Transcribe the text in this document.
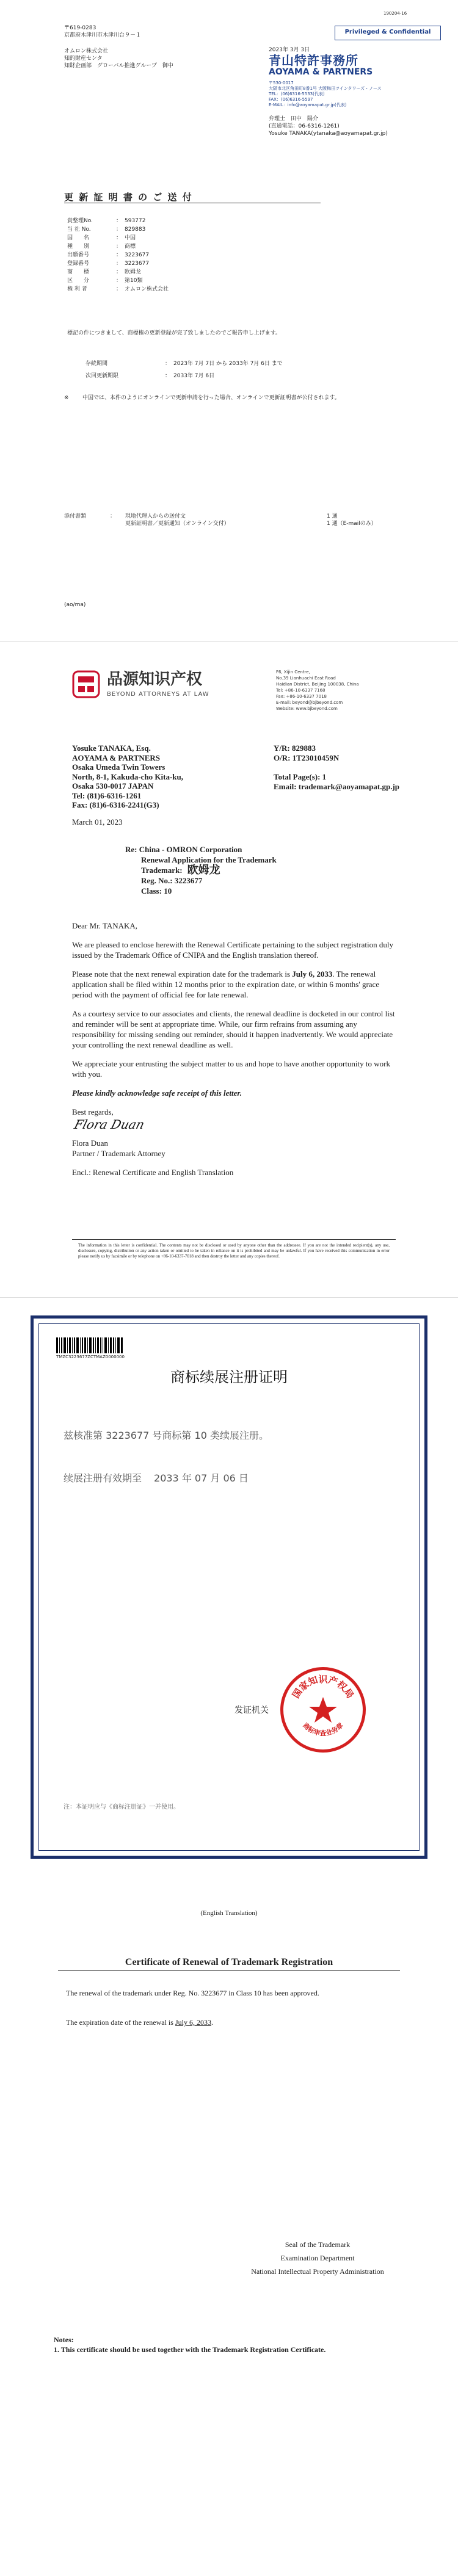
190204-16
Privileged & Confidential
〒619-0283
京都府木津川市木津川台９－１
オムロン株式会社
知的財産センタ
知財企画部　グローバル推進グループ　御中
2023年 3月 3日
青山特許事務所
AOYAMA & PARTNERS
〒530-0017
大阪市北区角田町8番1号 大阪梅田ツインタワーズ・ノース
TEL：(06)6316-5533(代表)
FAX：(06)6316-5597
E-MAIL：info@aoyamapat.gr.jp(代表)
弁理士　田中　陽介
(直通電話：06-6316-1261)
Yosuke TANAKA(ytanaka@aoyamapat.gr.jp)
更 新 証 明 書 の ご 送 付
貴整理No.	： 593772
当 社 No.	： 829883
国　　名	： 中国
種　　別	： 商標
出願番号	： 3223677
登録番号	： 3223677
商　　標	： 欧姆龙
区　　分	： 第10類
権 利 者	： オムロン株式会社
標記の件につきまして、商標権の更新登録が完了致しましたのでご報告申し上げます。
存続期間	： 2023年 7月 7日 から 2033年 7月 6日 まで
次回更新期限	： 2033年 7月 6日
※	中国では、本件のようにオンラインで更新申請を行った場合、オンラインで更新証明書が公付されます。
添付書類	： 現地代理人からの送付文	1 通
更新証明書／更新通知（オンライン交付）	1 通（E-mailのみ）
(ao/ma)
品源知识产权
BEYOND ATTORNEYS AT LAW
F6, Xijin Centre,
No.39 Lianhuachi East Road
Haidian District, Beijing 100038, China
Tel: +86-10-6337 7168
Fax: +86-10-6337 7018
E-mail: beyond@bjbeyond.com
Website: www.bjbeyond.com
Yosuke TANAKA, Esq.
AOYAMA & PARTNERS
Osaka Umeda Twin Towers
North, 8-1, Kakuda-cho Kita-ku,
Osaka 530-0017 JAPAN
Tel: (81)6-6316-1261
Fax: (81)6-6316-2241(G3)
Y/R: 829883
O/R: 1T23010459N
Total Page(s): 1
Email: trademark@aoyamapat.gp.jp
March 01, 2023
Re: China - OMRON Corporation
Renewal Application for the Trademark
Trademark: 欧姆龙
Reg. No.: 3223677
Class: 10

Dear Mr. TANAKA,

We are pleased to enclose herewith the Renewal Certificate pertaining to the subject registration duly issued by the Trademark Office of CNIPA and the English translation thereof.

Please note that the next renewal expiration date for the trademark is July 6, 2033. The renewal application shall be filed within 12 months prior to the expiration date, or within 6 months' grace period with the payment of official fee for late renewal.

As a courtesy service to our associates and clients, the renewal deadline is docketed in our control list and reminder will be sent at appropriate time. While, our firm refrains from assuming any responsibility for missing sending out reminder, should it happen inadvertently. We would appreciate your controlling the next renewal deadline as well.

We appreciate your entrusting the subject matter to us and hope to have another opportunity to work with you.

Please kindly acknowledge safe receipt of this letter.

Best regards,

Flora Duan

Flora Duan

Partner / Trademark Attorney

Encl.: Renewal Certificate and English Translation

The information in this letter is confidential. The contents may not be disclosed or used by anyone other than the addressee. If you are not the intended recipient(s), any use, disclosure, copying, distribution or any action taken or omitted to be taken in reliance on it is prohibited and may be unlawful. If you have received this communication in error please notify us by facsimile or by telephone on +86-10-6337-7018 and then destroy the letter and any copies thereof.
TMZC3223677ZCTMAZ0000000
商标续展注册证明
兹核准第 3223677 号商标第 10 类续展注册。
续展注册有效期至 2033 年 07 月 06 日
发证机关
国家知识产权局
商标审查业务章
注：本证明应与《商标注册证》一并使用。
(English Translation)
Certificate of Renewal of Trademark Registration
The renewal of the trademark under Reg. No. 3223677 in Class 10 has been approved.
The expiration date of the renewal is July 6, 2033.
Seal of the Trademark
Examination Department
National Intellectual Property Administration
Notes:
1. This certificate should be used together with the Trademark Registration Certificate.
